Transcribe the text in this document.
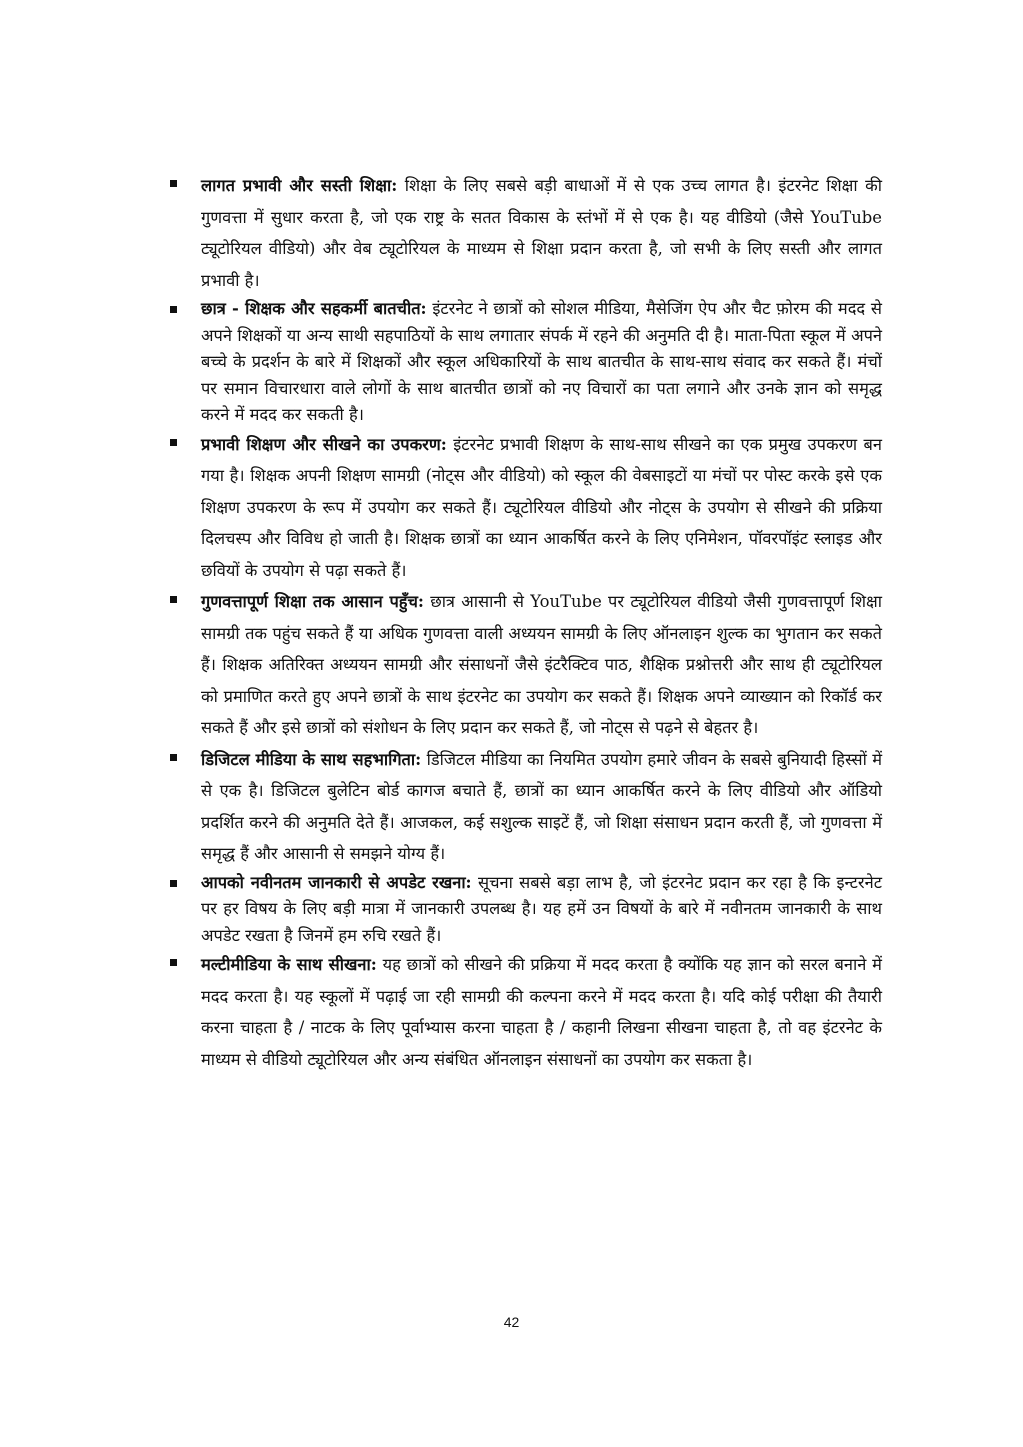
लागत प्रभावी और सस्ती शिक्षा: शिक्षा के लिए सबसे बड़ी बाधाओं में से एक उच्च लागत है। इंटरनेट शिक्षा की गुणवत्ता में सुधार करता है, जो एक राष्ट्र के सतत विकास के स्तंभों में से एक है। यह वीडियो (जैसे YouTube ट्यूटोरियल वीडियो) और वेब ट्यूटोरियल के माध्यम से शिक्षा प्रदान करता है, जो सभी के लिए सस्ती और लागत प्रभावी है।

छात्र - शिक्षक और सहकर्मी बातचीत: इंटरनेट ने छात्रों को सोशल मीडिया, मैसेजिंग ऐप और चैट फ़ोरम की मदद से अपने शिक्षकों या अन्य साथी सहपाठियों के साथ लगातार संपर्क में रहने की अनुमति दी है। माता-पिता स्कूल में अपने बच्चे के प्रदर्शन के बारे में शिक्षकों और स्कूल अधिकारियों के साथ बातचीत के साथ-साथ संवाद कर सकते हैं। मंचों पर समान विचारधारा वाले लोगों के साथ बातचीत छात्रों को नए विचारों का पता लगाने और उनके ज्ञान को समृद्ध करने में मदद कर सकती है।

प्रभावी शिक्षण और सीखने का उपकरण: इंटरनेट प्रभावी शिक्षण के साथ-साथ सीखने का एक प्रमुख उपकरण बन गया है। शिक्षक अपनी शिक्षण सामग्री (नोट्स और वीडियो) को स्कूल की वेबसाइटों या मंचों पर पोस्ट करके इसे एक शिक्षण उपकरण के रूप में उपयोग कर सकते हैं। ट्यूटोरियल वीडियो और नोट्स के उपयोग से सीखने की प्रक्रिया दिलचस्प और विविध हो जाती है। शिक्षक छात्रों का ध्यान आकर्षित करने के लिए एनिमेशन, पॉवरपॉइंट स्लाइड और छवियों के उपयोग से पढ़ा सकते हैं।

गुणवत्तापूर्ण शिक्षा तक आसान पहुँच: छात्र आसानी से YouTube पर ट्यूटोरियल वीडियो जैसी गुणवत्तापूर्ण शिक्षा सामग्री तक पहुंच सकते हैं या अधिक गुणवत्ता वाली अध्ययन सामग्री के लिए ऑनलाइन शुल्क का भुगतान कर सकते हैं। शिक्षक अतिरिक्त अध्ययन सामग्री और संसाधनों जैसे इंटरैक्टिव पाठ, शैक्षिक प्रश्नोत्तरी और साथ ही ट्यूटोरियल को प्रमाणित करते हुए अपने छात्रों के साथ इंटरनेट का उपयोग कर सकते हैं। शिक्षक अपने व्याख्यान को रिकॉर्ड कर सकते हैं और इसे छात्रों को संशोधन के लिए प्रदान कर सकते हैं, जो नोट्स से पढ़ने से बेहतर है।

डिजिटल मीडिया के साथ सहभागिता: डिजिटल मीडिया का नियमित उपयोग हमारे जीवन के सबसे बुनियादी हिस्सों में से एक है। डिजिटल बुलेटिन बोर्ड कागज बचाते हैं, छात्रों का ध्यान आकर्षित करने के लिए वीडियो और ऑडियो प्रदर्शित करने की अनुमति देते हैं। आजकल, कई सशुल्क साइटें हैं, जो शिक्षा संसाधन प्रदान करती हैं, जो गुणवत्ता में समृद्ध हैं और आसानी से समझने योग्य हैं।

आपको नवीनतम जानकारी से अपडेट रखना: सूचना सबसे बड़ा लाभ है, जो इंटरनेट प्रदान कर रहा है कि इन्टरनेट पर हर विषय के लिए बड़ी मात्रा में जानकारी उपलब्ध है। यह हमें उन विषयों के बारे में नवीनतम जानकारी के साथ अपडेट रखता है जिनमें हम रुचि रखते हैं।

मल्टीमीडिया के साथ सीखना: यह छात्रों को सीखने की प्रक्रिया में मदद करता है क्योंकि यह ज्ञान को सरल बनाने में मदद करता है। यह स्कूलों में पढ़ाई जा रही सामग्री की कल्पना करने में मदद करता है। यदि कोई परीक्षा की तैयारी करना चाहता है / नाटक के लिए पूर्वाभ्यास करना चाहता है / कहानी लिखना सीखना चाहता है, तो वह इंटरनेट के माध्यम से वीडियो ट्यूटोरियल और अन्य संबंधित ऑनलाइन संसाधनों का उपयोग कर सकता है।

42
